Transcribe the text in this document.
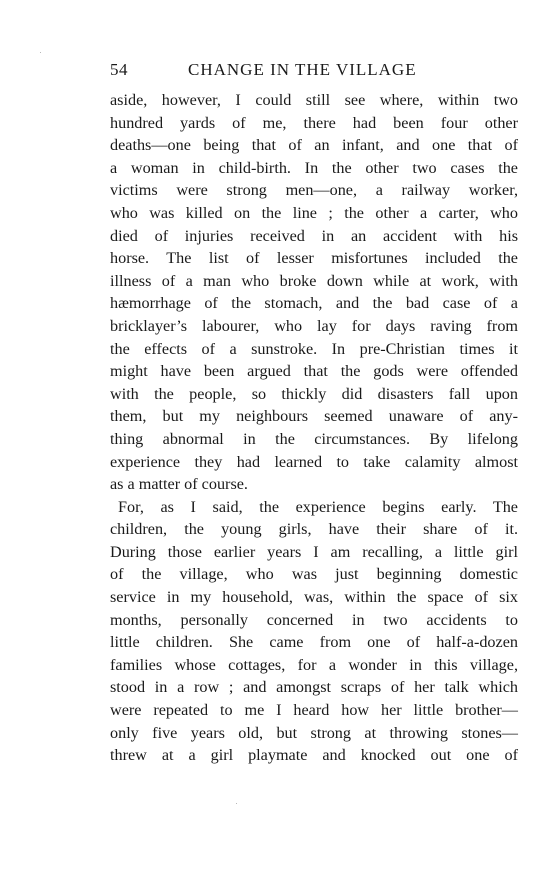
54	CHANGE IN THE VILLAGE
aside, however, I could still see where, within two
hundred yards of me, there had been four other
deaths—one being that of an infant, and one that of
a woman in child-birth. In the other two cases the
victims were strong men—one, a railway worker,
who was killed on the line ; the other a carter, who
died of injuries received in an accident with his
horse. The list of lesser misfortunes included the
illness of a man who broke down while at work, with
hæmorrhage of the stomach, and the bad case of a
bricklayer’s labourer, who lay for days raving from
the effects of a sunstroke. In pre-Christian times it
might have been argued that the gods were offended
with the people, so thickly did disasters fall upon
them, but my neighbours seemed unaware of any-
thing abnormal in the circumstances. By lifelong
experience they had learned to take calamity almost
as a matter of course.
For, as I said, the experience begins early. The
children, the young girls, have their share of it.
During those earlier years I am recalling, a little girl
of the village, who was just beginning domestic
service in my household, was, within the space of six
months, personally concerned in two accidents to
little children. She came from one of half-a-dozen
families whose cottages, for a wonder in this village,
stood in a row ; and amongst scraps of her talk which
were repeated to me I heard how her little brother—
only five years old, but strong at throwing stones—
threw at a girl playmate and knocked out one of
